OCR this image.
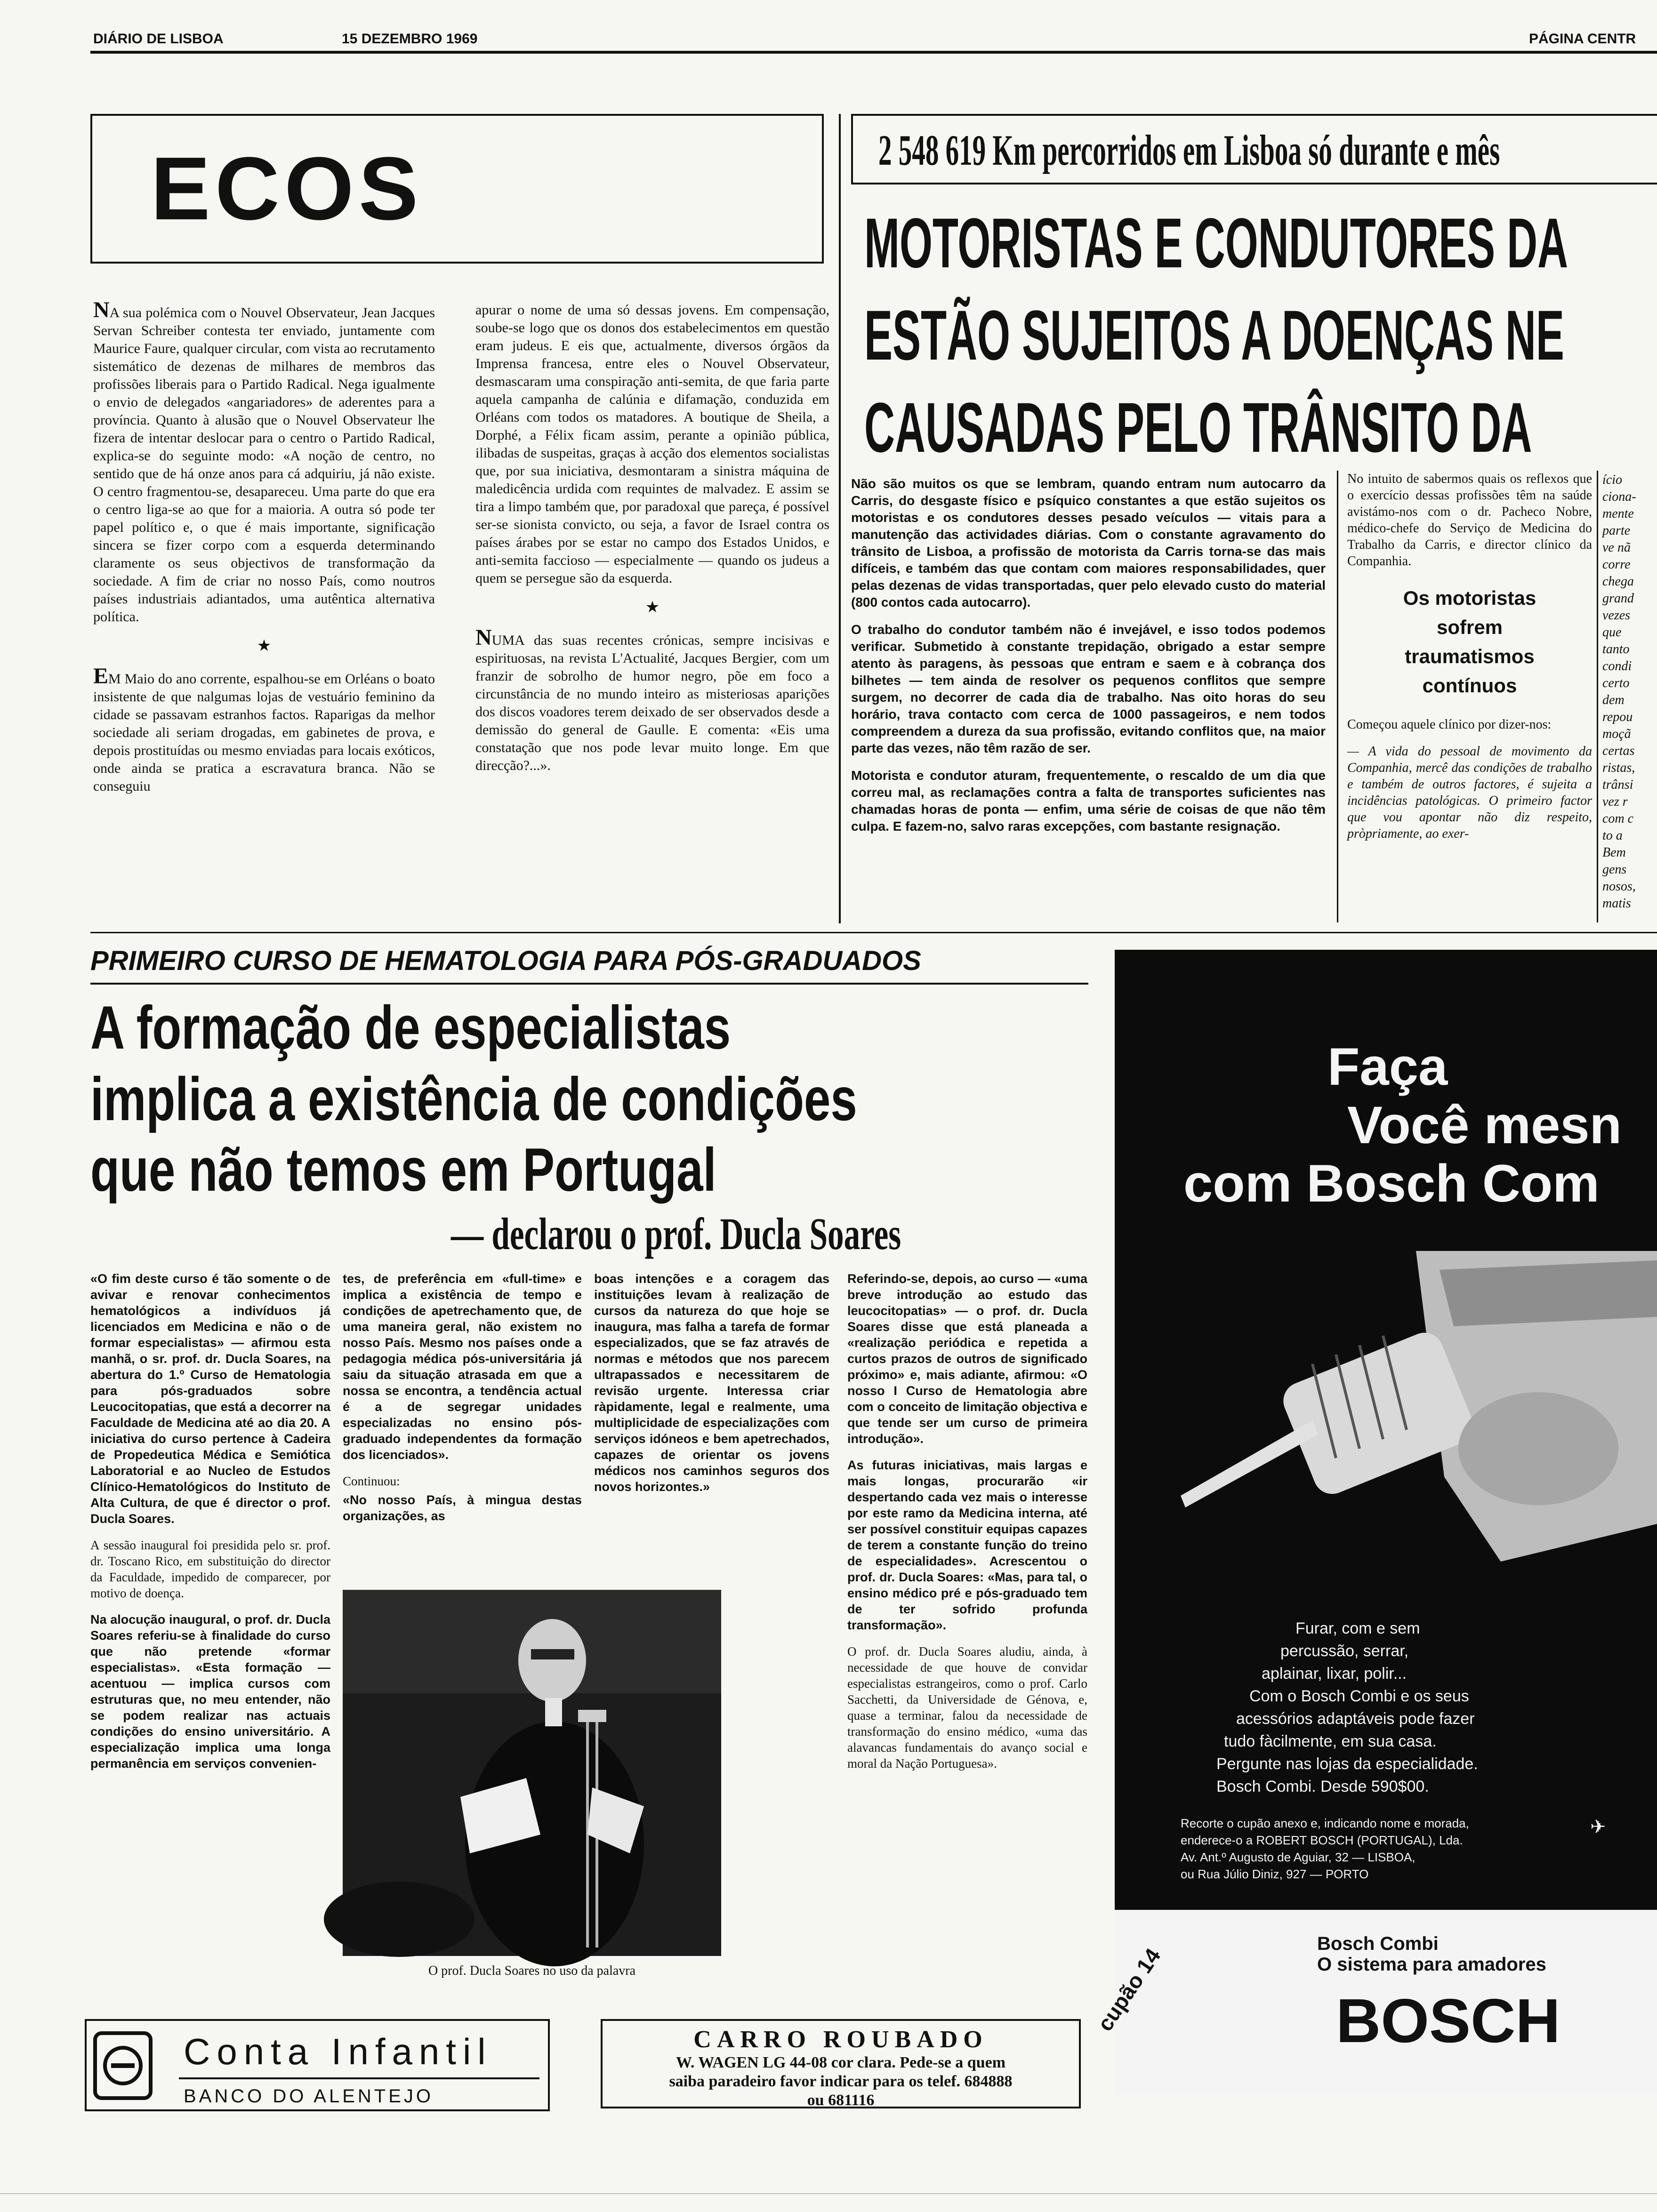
DIÁRIO DE LISBOA	15 DEZEMBRO 1969	PÁGINA CENTR
ECOS

NA sua polémica com o Nouvel Observateur, Jean Jacques Servan Schreiber contesta ter enviado, juntamente com Maurice Faure, qualquer circular, com vista ao recrutamento sistemático de dezenas de milhares de membros das profissões liberais para o Partido Radical. Nega igualmente o envio de delegados «angariadores» de aderentes para a província. Quanto à alusão que o Nouvel Observateur lhe fizera de intentar deslocar para o centro o Partido Radical, explica-se do seguinte modo: «A noção de centro, no sentido que de há onze anos para cá adquiriu, já não existe. O centro fragmentou-se, desapareceu. Uma parte do que era o centro liga-se ao que for a maioria. A outra só pode ter papel político e, o que é mais importante, significação sincera se fizer corpo com a esquerda determinando claramente os seus objectivos de transformação da sociedade. A fim de criar no nosso País, como noutros países industriais adiantados, uma autêntica alternativa política.

★

EM Maio do ano corrente, espalhou-se em Orléans o boato insistente de que nalgumas lojas de vestuário feminino da cidade se passavam estranhos factos. Raparigas da melhor sociedade ali seriam drogadas, em gabinetes de prova, e depois prostituídas ou mesmo enviadas para locais exóticos, onde ainda se pratica a escravatura branca. Não se conseguiu

apurar o nome de uma só dessas jovens. Em compensação, soube-se logo que os donos dos estabelecimentos em questão eram judeus. E eis que, actualmente, diversos órgãos da Imprensa francesa, entre eles o Nouvel Observateur, desmascaram uma conspiração anti-semita, de que faria parte aquela campanha de calúnia e difamação, conduzida em Orléans com todos os matadores. A boutique de Sheila, a Dorphé, a Félix ficam assim, perante a opinião pública, ilibadas de suspeitas, graças à acção dos elementos socialistas que, por sua iniciativa, desmontaram a sinistra máquina de maledicência urdida com requintes de malvadez. E assim se tira a limpo também que, por paradoxal que pareça, é possível ser-se sionista convicto, ou seja, a favor de Israel contra os países árabes por se estar no campo dos Estados Unidos, e anti-semita faccioso — especialmente — quando os judeus a quem se persegue são da esquerda.

★

NUMA das suas recentes crónicas, sempre incisivas e espirituosas, na revista L'Actualité, Jacques Bergier, com um franzir de sobrolho de humor negro, põe em foco a circunstância de no mundo inteiro as misteriosas aparições dos discos voadores terem deixado de ser observados desde a demissão do general de Gaulle. E comenta: «Eis uma constatação que nos pode levar muito longe. Em que direcção?...».

2 548 619 Km percorridos em Lisboa só durante e mês
MOTORISTAS E CONDUTORES DA
ESTÃO SUJEITOS A DOENÇAS NE
CAUSADAS PELO TRÂNSITO DA

Não são muitos os que se lembram, quando entram num autocarro da Carris, do desgaste físico e psíquico constantes a que estão sujeitos os motoristas e os condutores desses pesado veículos — vitais para a manutenção das actividades diárias. Com o constante agravamento do trânsito de Lisboa, a profissão de motorista da Carris torna-se das mais difíceis, e também das que contam com maiores responsabilidades, quer pelas dezenas de vidas transportadas, quer pelo elevado custo do material (800 contos cada autocarro).

O trabalho do condutor também não é invejável, e isso todos podemos verificar. Submetido à constante trepidação, obrigado a estar sempre atento às paragens, às pessoas que entram e saem e à cobrança dos bilhetes — tem ainda de resolver os pequenos conflitos que sempre surgem, no decorrer de cada dia de trabalho. Nas oito horas do seu horário, trava contacto com cerca de 1000 passageiros, e nem todos compreendem a dureza da sua profissão, evitando conflitos que, na maior parte das vezes, não têm razão de ser.

Motorista e condutor aturam, frequentemente, o rescaldo de um dia que correu mal, as reclamações contra a falta de transportes suficientes nas chamadas horas de ponta — enfim, uma série de coisas de que não têm culpa. E fazem-no, salvo raras excepções, com bastante resignação.

No intuito de sabermos quais os reflexos que o exercício dessas profissões têm na saúde avistámo-nos com o dr. Pacheco Nobre, médico-chefe do Serviço de Medicina do Trabalho da Carris, e director clínico da Companhia.

Os motoristas
sofrem
traumatismos
contínuos

Começou aquele clínico por dizer-nos:

— A vida do pessoal de movimento da Companhia, mercê das condições de trabalho e também de outros factores, é sujeita a incidências patológicas. O primeiro factor que vou apontar não diz respeito, pròpriamente, ao exer-

ício
ciona-
mente
parte
ve nã
corre
chega
grand
vezes
que
tanto
condi
certo
dem
repou
moçã
certas
ristas,
trânsi
vez r
com c
to a
Bem
gens
nosos,
matis
PRIMEIRO CURSO DE HEMATOLOGIA PARA PÓS-GRADUADOS
A formação de especialistas
implica a existência de condições
que não temos em Portugal
— declarou o prof. Ducla Soares

«O fim deste curso é tão somente o de avivar e renovar conhecimentos hematológicos a indivíduos já licenciados em Medicina e não o de formar especialistas» — afirmou esta manhã, o sr. prof. dr. Ducla Soares, na abertura do 1.º Curso de Hematologia para pós-graduados sobre Leucocitopatias, que está a decorrer na Faculdade de Medicina até ao dia 20. A iniciativa do curso pertence à Cadeira de Propedeutica Médica e Semiótica Laboratorial e ao Nucleo de Estudos Clínico-Hematológicos do Instituto de Alta Cultura, de que é director o prof. Ducla Soares.

A sessão inaugural foi presidida pelo sr. prof. dr. Toscano Rico, em substituição do director da Faculdade, impedido de comparecer, por motivo de doença.

Na alocução inaugural, o prof. dr. Ducla Soares referiu-se à finalidade do curso que não pretende «formar especialistas». «Esta formação — acentuou — implica cursos com estruturas que, no meu entender, não se podem realizar nas actuais condições do ensino universitário. A especialização implica uma longa permanência em serviços convenien-

tes, de preferência em «full-time» e implica a existência de tempo e condições de apetrechamento que, de uma maneira geral, não existem no nosso País. Mesmo nos países onde a pedagogia médica pós-universitária já saiu da situação atrasada em que a nossa se encontra, a tendência actual é a de segregar unidades especializadas no ensino pós-graduado independentes da formação dos licenciados».

Continuou:

«No nosso País, à mingua destas organizações, as

boas intenções e a coragem das instituições levam à realização de cursos da natureza do que hoje se inaugura, mas falha a tarefa de formar especializados, que se faz através de normas e métodos que nos parecem ultrapassados e necessitarem de revisão urgente. Interessa criar ràpidamente, legal e realmente, uma multiplicidade de especializações com serviços idóneos e bem apetrechados, capazes de orientar os jovens médicos nos caminhos seguros dos novos horizontes.»

Referindo-se, depois, ao curso — «uma breve introdução ao estudo das leucocitopatias» — o prof. dr. Ducla Soares disse que está planeada a «realização periódica e repetida a curtos prazos de outros de significado próximo» e, mais adiante, afirmou: «O nosso I Curso de Hematologia abre com o conceito de limitação objectiva e que tende ser um curso de primeira introdução».

As futuras iniciativas, mais largas e mais longas, procurarão «ir despertando cada vez mais o interesse por este ramo da Medicina interna, até ser possível constituir equipas capazes de terem a constante função do treino de especialidades». Acrescentou o prof. dr. Ducla Soares: «Mas, para tal, o ensino médico pré e pós-graduado tem de ter sofrido profunda transformação».

O prof. dr. Ducla Soares aludiu, ainda, à necessidade de que houve de convidar especialistas estrangeiros, como o prof. Carlo Sacchetti, da Universidade de Génova, e, quase a terminar, falou da necessidade de transformação do ensino médico, «uma das alavancas fundamentais do avanço social e moral da Nação Portuguesa».

O prof. Ducla Soares no uso da palavra
Faça
Você mesn
com Bosch Com
Furar, com e sem
percussão, serrar,
aplainar, lixar, polir...
Com o Bosch Combi e os seus
acessórios adaptáveis pode fazer
tudo fàcilmente, em sua casa.
Pergunte nas lojas da especialidade.
Bosch Combi. Desde 590$00.
Recorte o cupão anexo e, indicando nome e morada,
enderece-o a ROBERT BOSCH (PORTUGAL), Lda.
Av. Ant.º Augusto de Aguiar, 32 — LISBOA,
ou Rua Júlio Diniz, 927 — PORTO
✈
cupão 14
Bosch Combi
O sistema para amadores
BOSCH
Conta Infantil
BANCO DO ALENTEJO
CARRO ROUBADO
W. WAGEN LG 44-08 cor clara. Pede-se a quem
saiba paradeiro favor indicar para os telef. 684888
ou 681116
